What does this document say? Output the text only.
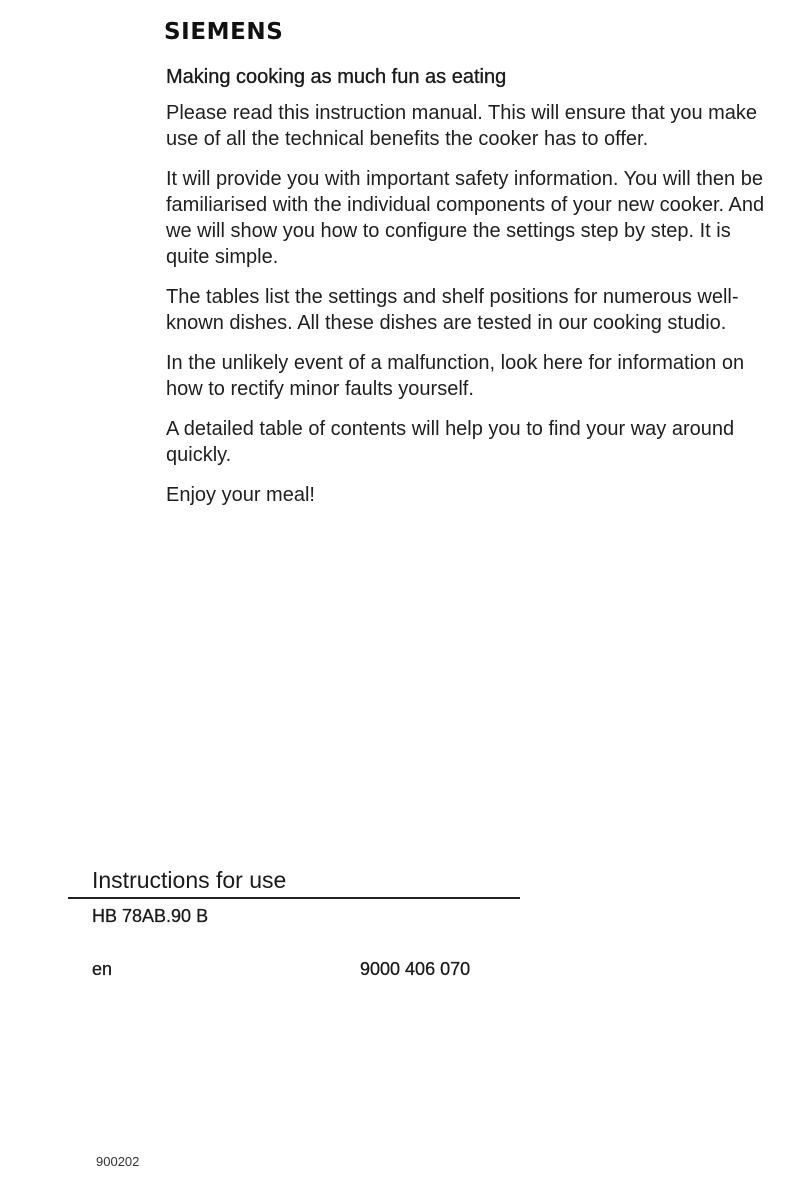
SIEMENS

Making cooking as much fun as eating

Please read this instruction manual. This will ensure that you make use of all the technical benefits the cooker has to offer.

It will provide you with important safety information. You will then be familiarised with the individual components of your new cooker. And we will show you how to configure the settings step by step. It is quite simple.

The tables list the settings and shelf positions for numerous well-known dishes. All these dishes are tested in our cooking studio.

In the unlikely event of a malfunction, look here for information on how to rectify minor faults yourself.

A detailed table of contents will help you to find your way around quickly.

Enjoy your meal!

Instructions for use
HB 78AB.90 B
en	9000 406 070
900202
